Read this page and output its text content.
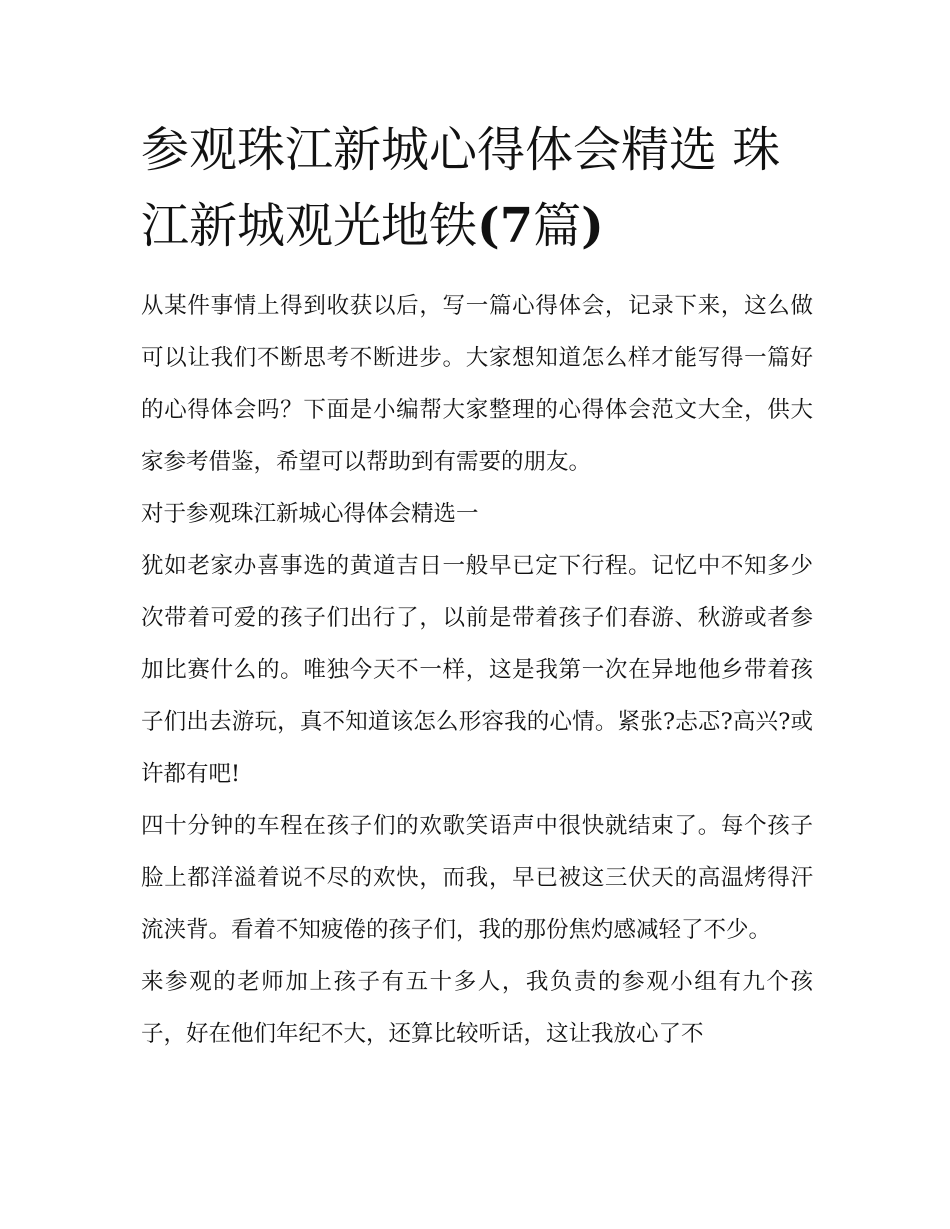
参观珠江新城心得体会精选 珠江新城观光地铁(7篇)

从某件事情上得到收获以后，写一篇心得体会，记录下来，这么做可以让我们不断思考不断进步。大家想知道怎么样才能写得一篇好的心得体会吗？下面是小编帮大家整理的心得体会范文大全，供大家参考借鉴，希望可以帮助到有需要的朋友。

对于参观珠江新城心得体会精选一

犹如老家办喜事选的黄道吉日一般早已定下行程。记忆中不知多少次带着可爱的孩子们出行了，以前是带着孩子们春游、秋游或者参加比赛什么的。唯独今天不一样，这是我第一次在异地他乡带着孩子们出去游玩，真不知道该怎么形容我的心情。紧张?忐忑?高兴?或许都有吧!

四十分钟的车程在孩子们的欢歌笑语声中很快就结束了。每个孩子脸上都洋溢着说不尽的欢快，而我，早已被这三伏天的高温烤得汗流浃背。看着不知疲倦的孩子们，我的那份焦灼感减轻了不少。

来参观的老师加上孩子有五十多人，我负责的参观小组有九个孩子，好在他们年纪不大，还算比较听话，这让我放心了不
